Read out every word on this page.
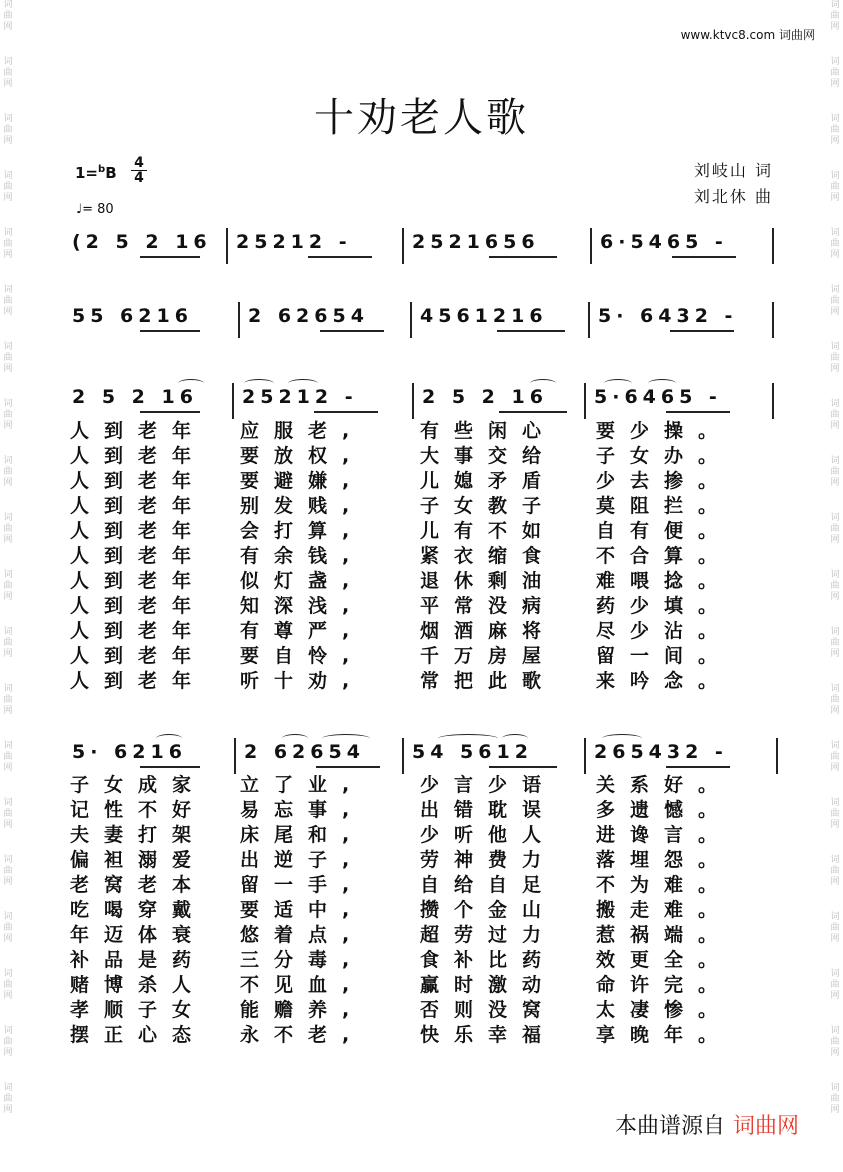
词
曲
网
词
曲
网
词
曲
网
词
曲
网
词
曲
网
词
曲
网
词
曲
网
词
曲
网
词
曲
网
词
曲
网
词
曲
网
词
曲
网
词
曲
网
词
曲
网
词
曲
网
词
曲
网
词
曲
网
词
曲
网
词
曲
网
词
曲
网
词
曲
网
词
曲
网
词
曲
网
词
曲
网
词
曲
网
词
曲
网
词
曲
网
词
曲
网
词
曲
网
词
曲
网
词
曲
网
词
曲
网
词
曲
网
词
曲
网
词
曲
网
词
曲
网
词
曲
网
词
曲
网
词
曲
网
词
曲
网
www.ktvc8.com 词曲网
十劝老人歌
1=$^b$B
4
4
♩= 80
刘岐山 词
刘北休 曲
(2 5 2 16 25212 -	2521656	6·5465 -
55 6216	2 62654	4561216	5· 6432 -
2 5 2 16 25212 -	2 5 2 16 5·6465 -
人到老年 应服老,	有些闲心 要少操。
人到老年 要放权,	大事交给 子女办。
人到老年 要避嫌,	儿媳矛盾 少去掺。
人到老年 别发贱,	子女教子 莫阻拦。
人到老年 会打算,	儿有不如 自有便。
人到老年 有余钱,	紧衣缩食 不合算。
人到老年 似灯盏,	退休剩油 难喂捻。
人到老年 知深浅,	平常没病 药少填。
人到老年 有尊严,	烟酒麻将 尽少沾。
人到老年 要自怜,	千万房屋 留一间。
人到老年 听十劝,	常把此歌 来吟念。
5· 6216	2 62654 54 5612	265432 -
子女成家 立了业,	少言少语 关系好。
记性不好 易忘事,	出错耽误 多遗憾。
夫妻打架 床尾和,	少听他人 进谗言。
偏袒溺爱 出逆子,	劳神费力 落埋怨。
老窝老本 留一手,	自给自足 不为难。
吃喝穿戴 要适中,	攒个金山 搬走难。
年迈体衰 悠着点,	超劳过力 惹祸端。
补品是药 三分毒,	食补比药 效更全。
赌博杀人 不见血,	赢时激动 命许完。
孝顺子女 能赡养,	否则没窝 太凄惨。
摆正心态 永不老,	快乐幸福 享晚年。
本曲谱源自 词曲网
